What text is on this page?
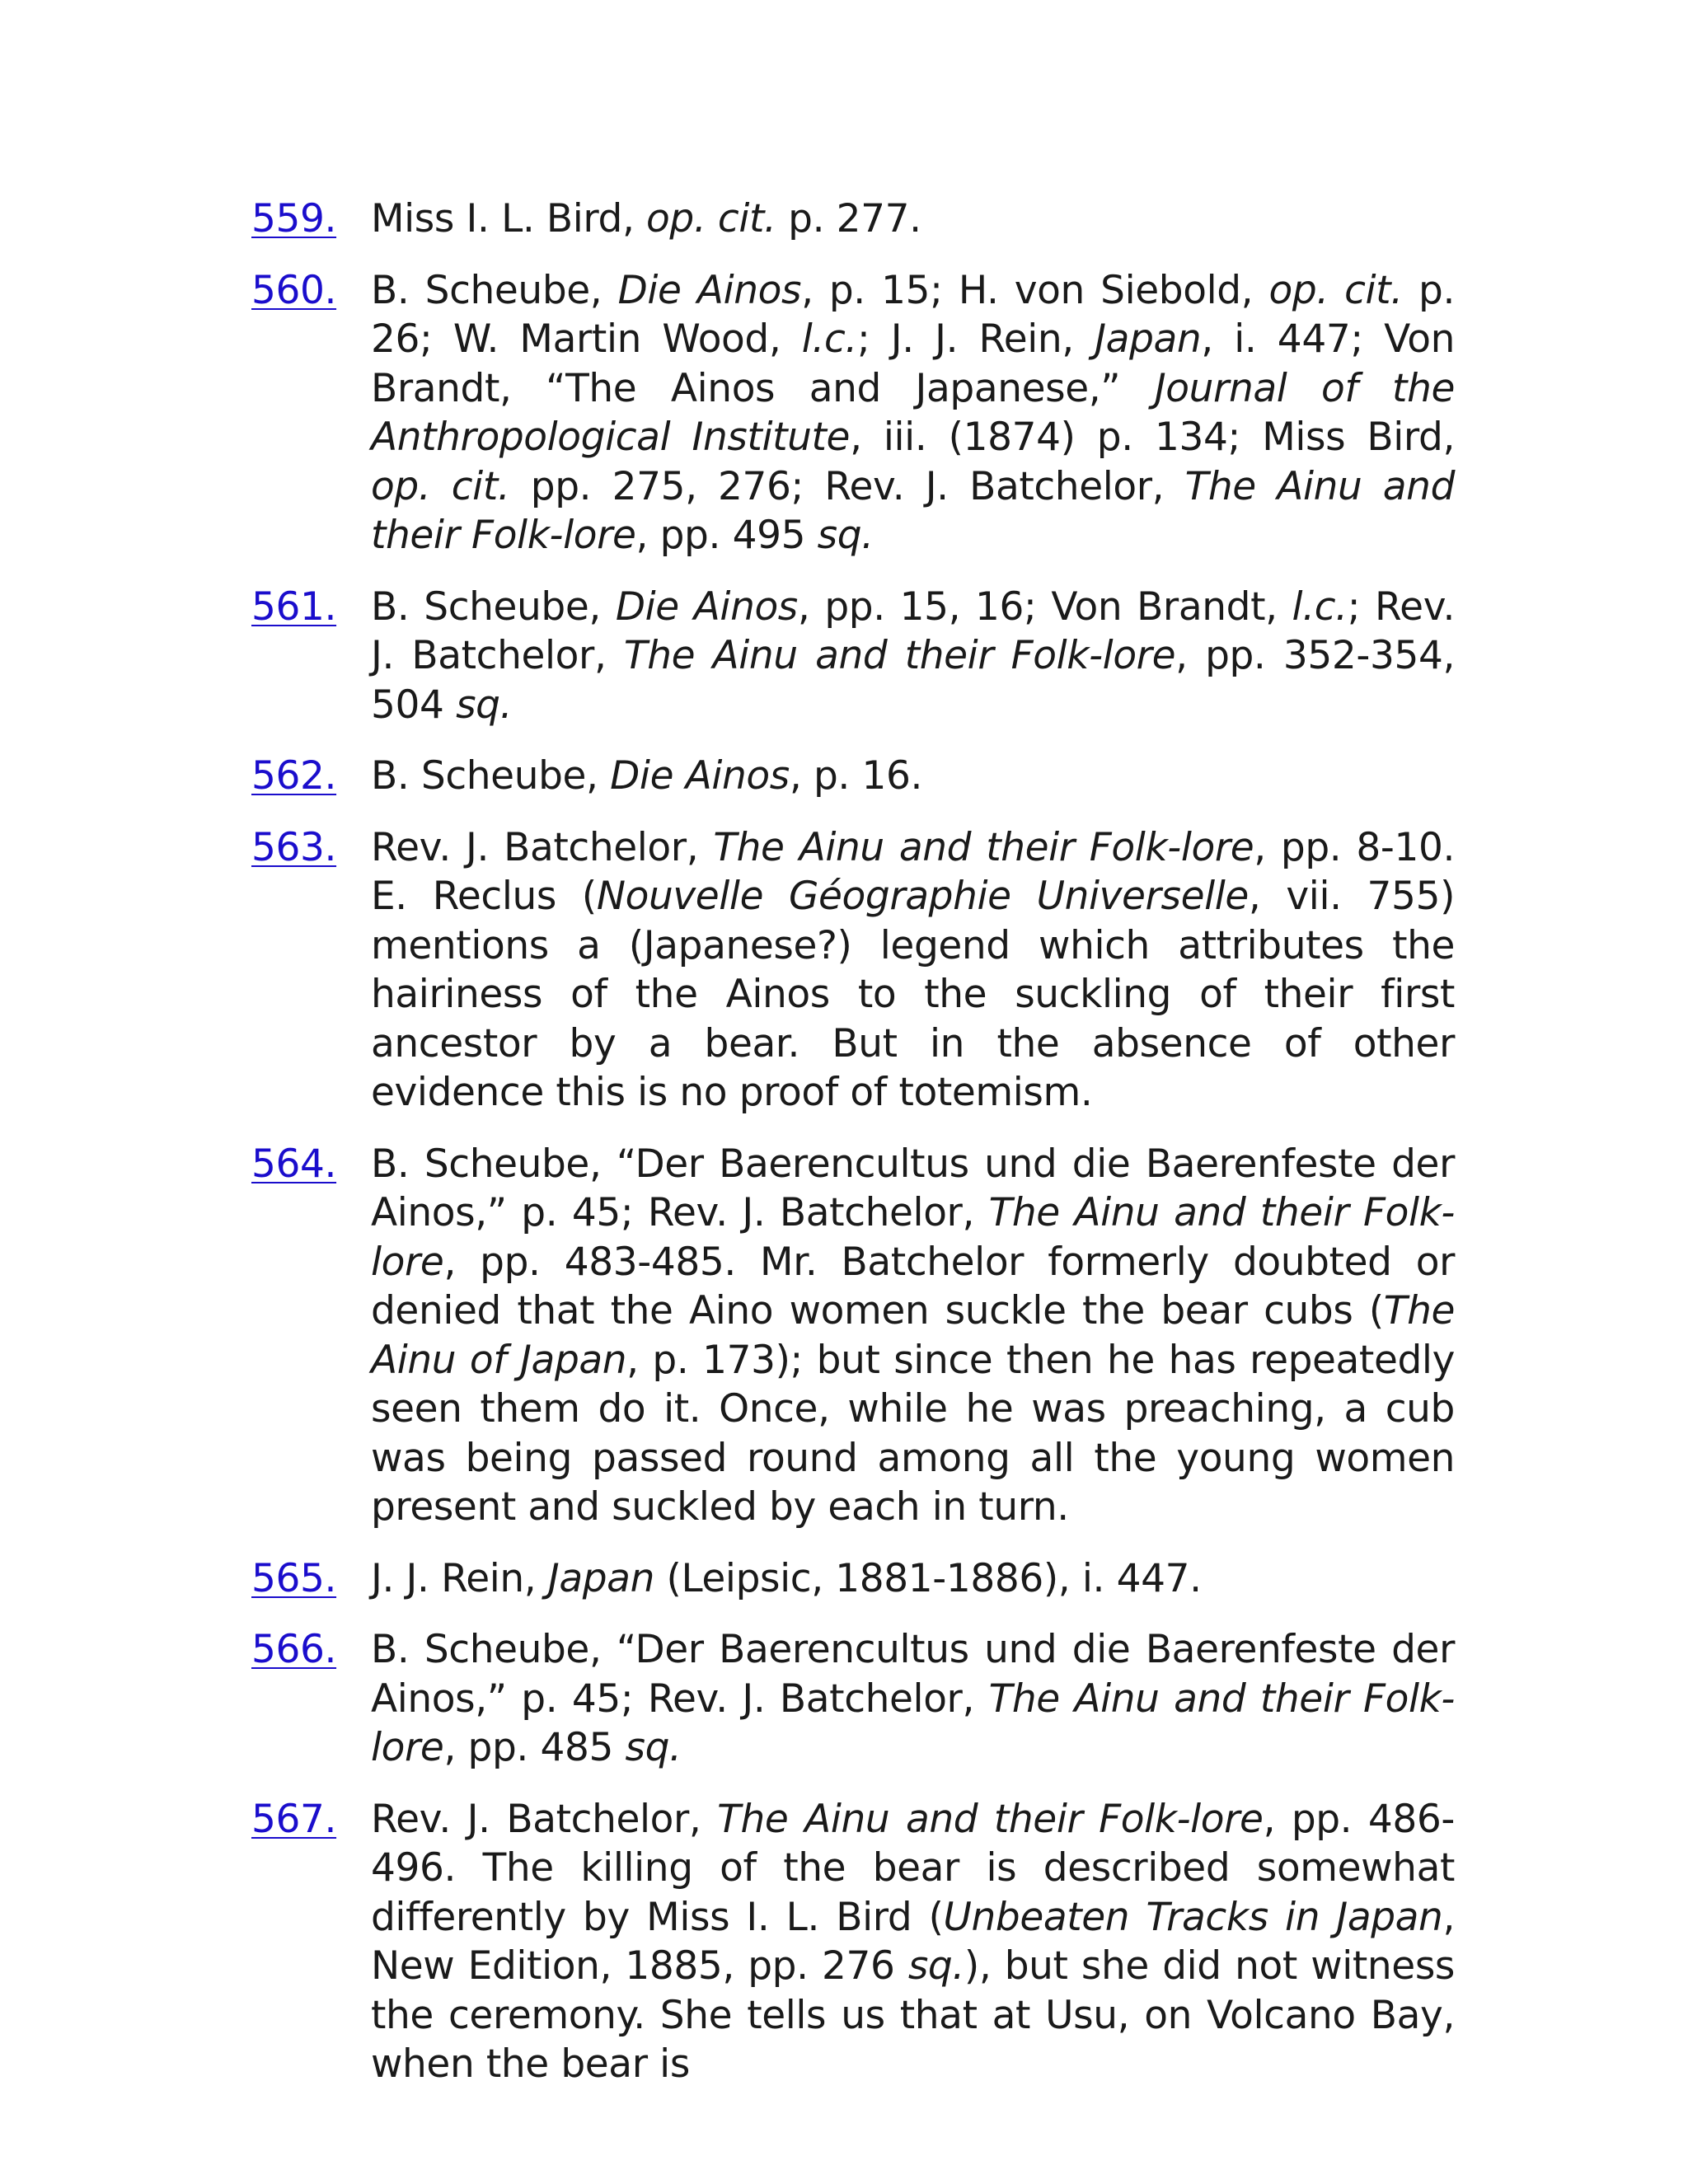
559. Miss I. L. Bird, op. cit. p. 277.
560. B. Scheube, Die Ainos, p. 15; H. von Siebold, op. cit. p. 26; W. Martin Wood, l.c.; J. J. Rein, Japan, i. 447; Von Brandt, “The Ainos and Japanese,” Journal of the Anthropological Institute, iii. (1874) p. 134; Miss Bird, op. cit. pp. 275, 276; Rev. J. Batchelor, The Ainu and their Folk-lore, pp. 495 sq.
561. B. Scheube, Die Ainos, pp. 15, 16; Von Brandt, l.c.; Rev. J. Batchelor, The Ainu and their Folk-lore, pp. 352-354, 504 sq.
562. B. Scheube, Die Ainos, p. 16.
563. Rev. J. Batchelor, The Ainu and their Folk-lore, pp. 8-10. E. Reclus (Nouvelle Géographie Universelle, vii. 755) mentions a (Japanese?) legend which attributes the hairiness of the Ainos to the suckling of their first ancestor by a bear. But in the absence of other evidence this is no proof of totemism.
564. B. Scheube, “Der Baerencultus und die Baerenfeste der Ainos,” p. 45; Rev. J. Batchelor, The Ainu and their Folk-lore, pp. 483-485. Mr. Batchelor formerly doubted or denied that the Aino women suckle the bear cubs (The Ainu of Japan, p. 173); but since then he has repeatedly seen them do it. Once, while he was preaching, a cub was being passed round among all the young women present and suckled by each in turn.
565. J. J. Rein, Japan (Leipsic, 1881-1886), i. 447.
566. B. Scheube, “Der Baerencultus und die Baerenfeste der Ainos,” p. 45; Rev. J. Batchelor, The Ainu and their Folk-lore, pp. 485 sq.
567. Rev. J. Batchelor, The Ainu and their Folk-lore, pp. 486-496. The killing of the bear is described somewhat differently by Miss I. L. Bird (Unbeaten Tracks in Japan, New Edition, 1885, pp. 276 sq.), but she did not witness the ceremony. She tells us that at Usu, on Volcano Bay, when the bear is
